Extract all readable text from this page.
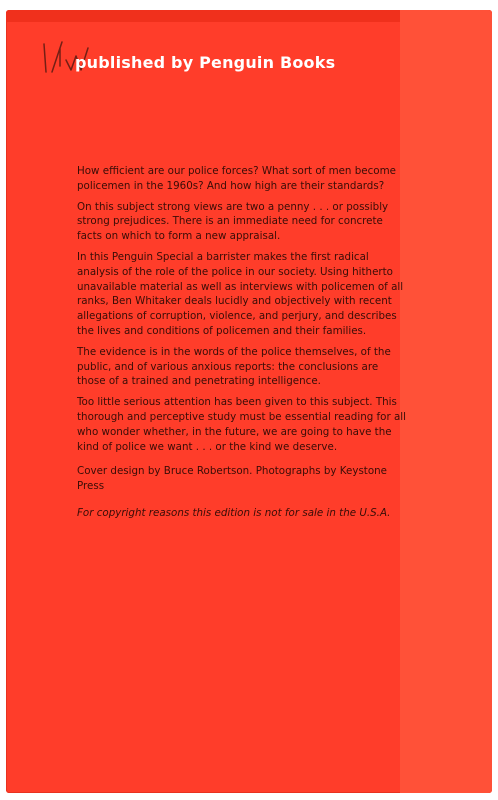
published by Penguin Books

How efficient are our police forces? What sort of men become policemen in the 1960s? And how high are their standards?

On this subject strong views are two a penny . . . or possibly strong prejudices. There is an immediate need for concrete facts on which to form a new appraisal.

In this Penguin Special a barrister makes the first radical analysis of the role of the police in our society. Using hitherto unavailable material as well as interviews with policemen of all ranks, Ben Whitaker deals lucidly and objectively with recent allegations of corruption, violence, and perjury, and describes the lives and conditions of policemen and their families.

The evidence is in the words of the police themselves, of the public, and of various anxious reports: the conclusions are those of a trained and penetrating intelligence.

Too little serious attention has been given to this subject. This thorough and perceptive study must be essential reading for all who wonder whether, in the future, we are going to have the kind of police we want . . . or the kind we deserve.

Cover design by Bruce Robertson. Photographs by Keystone Press

For copyright reasons this edition is not for sale in the U.S.A.
